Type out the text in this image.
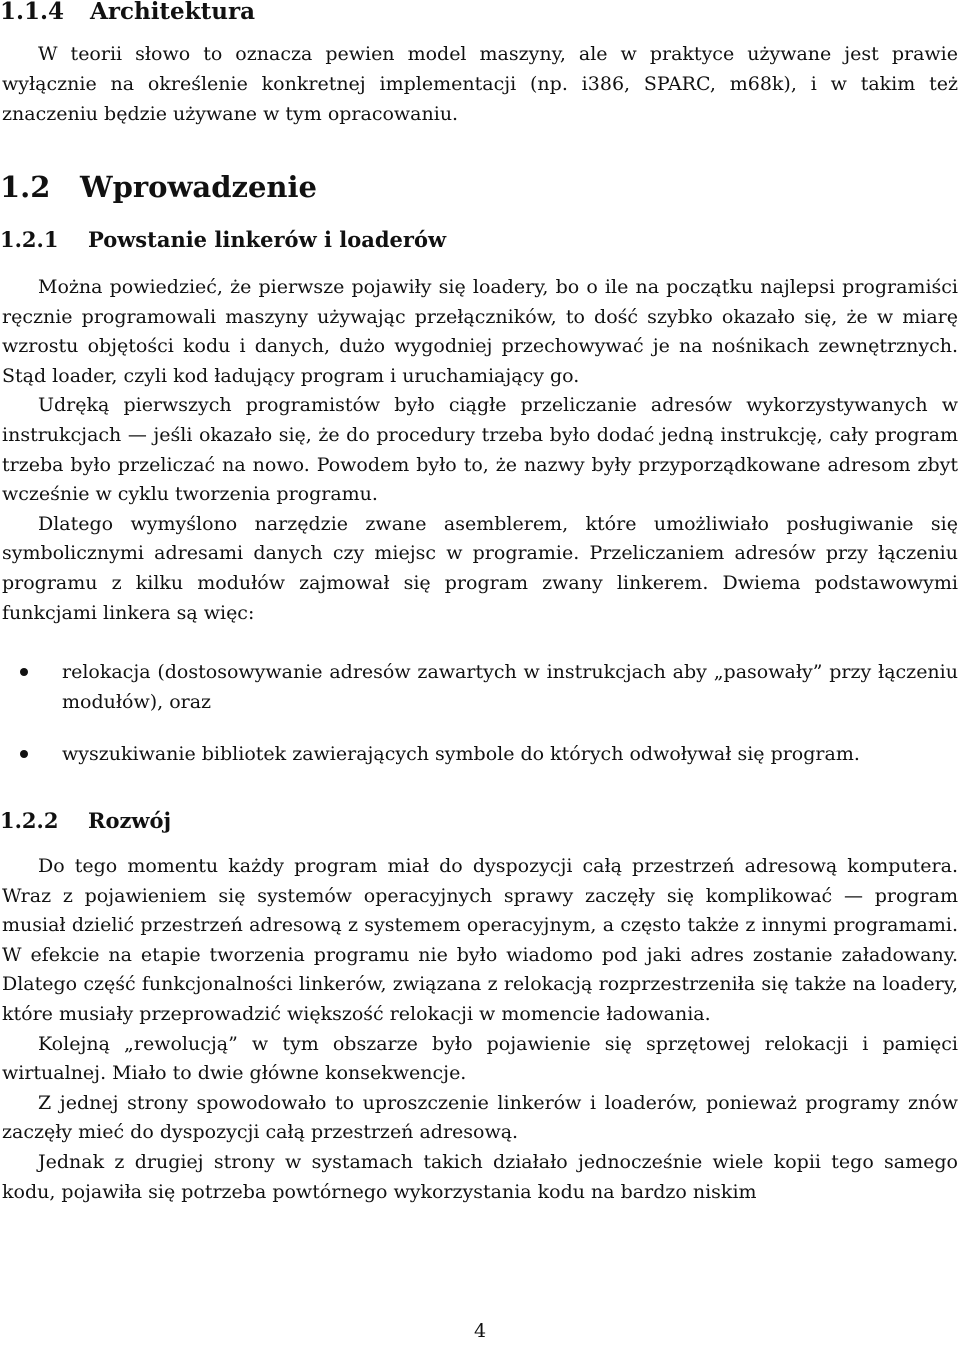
1.1.4 Architektura

W teorii słowo to oznacza pewien model maszyny, ale w praktyce używane jest prawie wyłącznie na określenie konkretnej implementacji (np. i386, SPARC, m68k), i w takim też znaczeniu będzie używane w tym opracowaniu.

1.2 Wprowadzenie
1.2.1 Powstanie linkerów i loaderów

Można powiedzieć, że pierwsze pojawiły się loadery, bo o ile na początku najlepsi programiści ręcznie programowali maszyny używając przełączników, to dość szybko okazało się, że w miarę wzrostu objętości kodu i danych, dużo wygodniej przechowywać je na nośnikach zewnętrznych. Stąd loader, czyli kod ładujący program i uruchamiający go.

Udręką pierwszych programistów było ciągłe przeliczanie adresów wykorzystywanych w instrukcjach — jeśli okazało się, że do procedury trzeba było dodać jedną instrukcję, cały program trzeba było przeliczać na nowo. Powodem było to, że nazwy były przyporządkowane adresom zbyt wcześnie w cyklu tworzenia programu.

Dlatego wymyślono narzędzie zwane asemblerem, które umożliwiało posługiwanie się symbolicznymi adresami danych czy miejsc w programie. Przeliczaniem adresów przy łączeniu programu z kilku modułów zajmował się program zwany linkerem. Dwiema podstawowymi funkcjami linkera są więc:

relokacja (dostosowywanie adresów zawartych w instrukcjach aby „pasowały” przy łączeniu modułów), oraz
wyszukiwanie bibliotek zawierających symbole do których odwoływał się program.
1.2.2 Rozwój

Do tego momentu każdy program miał do dyspozycji całą przestrzeń adresową komputera. Wraz z pojawieniem się systemów operacyjnych sprawy zaczęły się komplikować — program musiał dzielić przestrzeń adresową z systemem operacyjnym, a często także z innymi programami. W efekcie na etapie tworzenia programu nie było wiadomo pod jaki adres zostanie załadowany. Dlatego część funkcjonalności linkerów, związana z relokacją rozprzestrzeniła się także na loadery, które musiały przeprowadzić większość relokacji w momencie ładowania.

Kolejną „rewolucją” w tym obszarze było pojawienie się sprzętowej relokacji i pamięci wirtualnej. Miało to dwie główne konsekwencje.

Z jednej strony spowodowało to uproszczenie linkerów i loaderów, ponieważ programy znów zaczęły mieć do dyspozycji całą przestrzeń adresową.

Jednak z drugiej strony w systamach takich działało jednocześnie wiele kopii tego samego kodu, pojawiła się potrzeba powtórnego wykorzystania kodu na bardzo niskim

4
